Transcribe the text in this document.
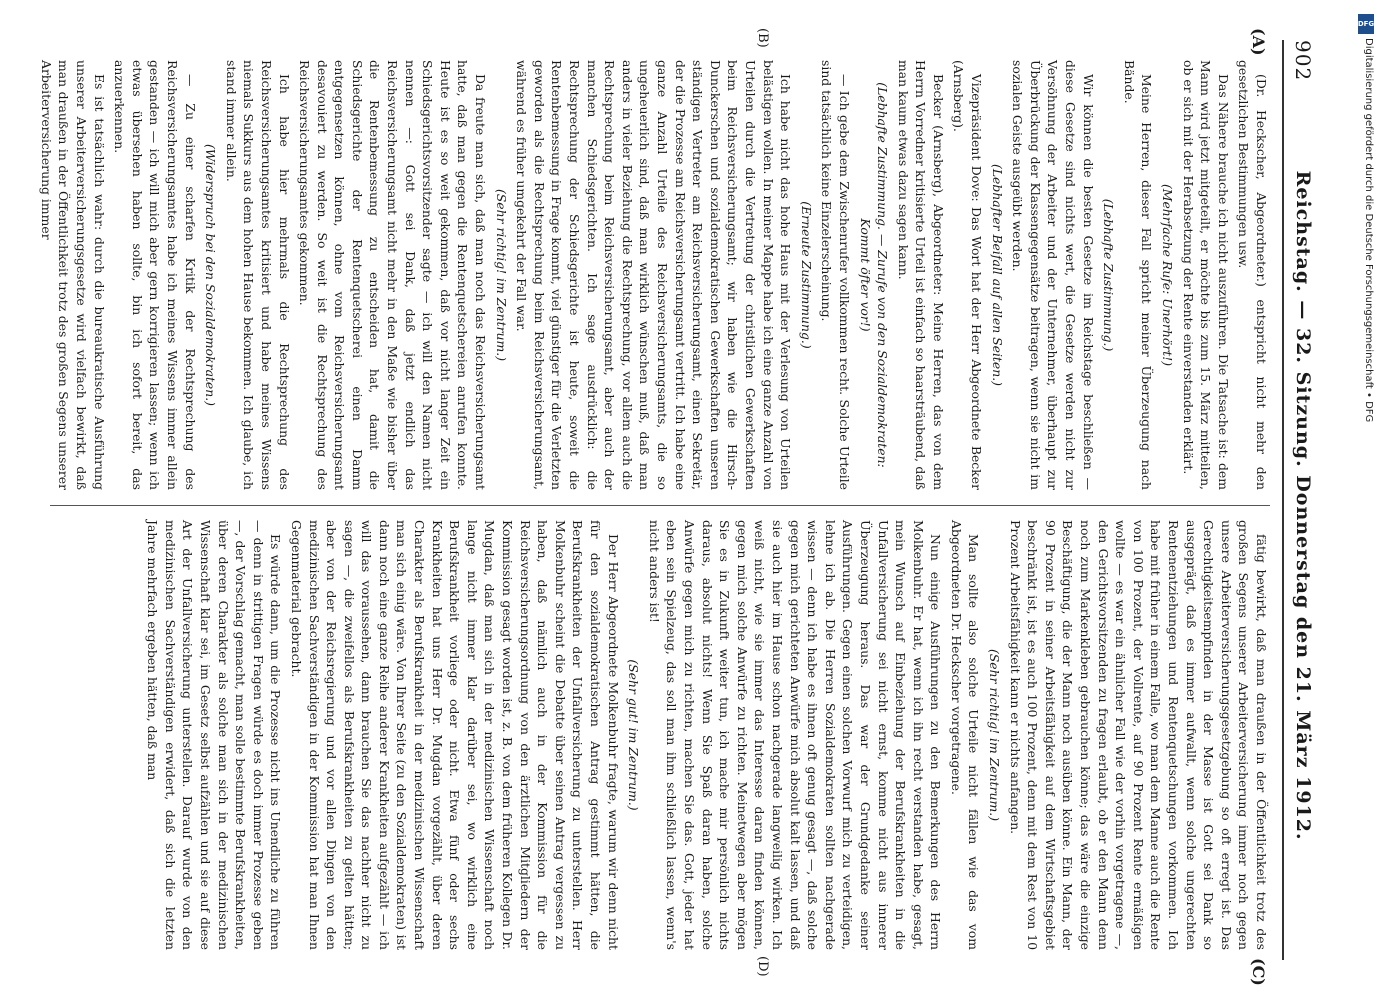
902
Reichstag. — 32. Sitzung. Donnerstag den 21. März 1912.
(A)
(B)
(C)
(D)

(Dr. Heckscher, Abgeordneter.) entspricht nicht mehr den gesetzlichen Bestimmungen usw.

Das Nähere brauche ich nicht auszuführen. Die Tatsache ist: dem Mann wird jetzt mitgeteilt, er möchte bis zum 15. März mitteilen, ob er sich mit der Herabsetzung der Rente einverstanden erklärt.

(Mehrfache Rufe: Unerhört!)

Meine Herren, dieser Fall spricht meiner Überzeugung nach Bände.

(Lebhafte Zustimmung.)

Wir können die besten Gesetze im Reichstage beschließen — diese Gesetze sind nichts wert, die Gesetze werden nicht zur Versöhnung der Arbeiter und der Unternehmer, überhaupt zur Überbrückung der Klassengegensätze beitragen, wenn sie nicht im sozialen Geiste ausgeübt werden.

(Lebhafter Beifall auf allen Seiten.)

Vizepräsident Dove: Das Wort hat der Herr Abgeordnete Becker (Arnsberg).

Becker (Arnsberg), Abgeordneter: Meine Herren, das von dem Herrn Vorredner kritisierte Urteil ist einfach so haarsträubend, daß man kaum etwas dazu sagen kann.

(Lebhafte Zustimmung. — Zurufe von den Sozialdemokraten: Kommt öfter vor!)

— Ich gebe dem Zwischenrufer vollkommen recht. Solche Urteile sind tatsächlich keine Einzelerscheinung.

(Erneute Zustimmung.)

Ich habe nicht das hohe Haus mit der Verlesung von Urteilen belästigen wollen. In meiner Mappe habe ich eine ganze Anzahl von Urteilen durch die Vertretung der christlichen Gewerkschaften beim Reichsversicherungsamt; wir haben wie die Hirsch-Dunckerschen und sozialdemokratischen Gewerkschaften unseren ständigen Vertreter am Reichsversicherungsamt, einen Sekretär, der die Prozesse am Reichsversicherungsamt vertritt. Ich habe eine ganze Anzahl Urteile des Reichsversicherungsamts, die so ungeheuerlich sind, daß man wirklich wünschen muß, daß man anders in vieler Beziehung die Rechtsprechung, vor allem auch die Rechtsprechung beim Reichsversicherungsamt, aber auch der manchen Schiedsgerichten. Ich sage ausdrücklich: die Rechtsprechung der Schiedsgerichte ist heute, soweit die Rentenbemessung in Frage kommt, viel günstiger für die Verletzten geworden als die Rechtsprechung beim Reichsversicherungsamt, während es früher umgekehrt der Fall war.

(Sehr richtig! im Zentrum.)

Da freute man sich, daß man noch das Reichsversicherungsamt hatte, daß man gegen die Rentenquetschereien anrufen konnte. Heute ist es so weit gekommen, daß vor nicht langer Zeit ein Schiedsgerichtsvorsitzender sagte — ich will den Namen nicht nennen —: Gott sei Dank, daß jetzt endlich das Reichsversicherungsamt nicht mehr in den Maße wie bisher über die Rentenbemessung zu entscheiden hat, damit die Schiedsgerichte der Rentenquetscherei einen Damm entgegensetzen können, ohne vom Reichsversicherungsamt desavouiert zu werden. So weit ist die Rechtsprechung des Reichsversicherungsamtes gekommen.

Ich habe hier mehrmals die Rechtsprechung des Reichsversicherungsamtes kritisiert und habe meines Wissens niemals Sukkurs aus dem hohen Hause bekommen. Ich glaube, ich stand immer allein.

(Widerspruch bei den Sozialdemokraten.)

— Zu einer scharfen Kritik der Rechtsprechung des Reichsversicherungsamtes habe ich meines Wissens immer allein gestanden — ich will mich aber gern korrigieren lassen; wenn ich etwas übersehen haben sollte, bin ich sofort bereit, das anzuerkennen.

Es ist tatsächlich wahr: durch die bureaukratische Ausführung unserer Arbeiterversicherungsgesetze wird vielfach bewirkt, daß man draußen in der Öffentlichkeit trotz des großen Segens unserer Arbeiterversicherung immer

fätig bewirkt, daß man draußen in der Öffentlichkeit trotz des großen Segens unserer Arbeiterversicherung immer noch gegen unsere Arbeiterversicherungsgesetzgebung so oft erregt ist. Das Gerechtigkeitsempfinden in der Masse ist Gott sei Dank so ausgeprägt, daß es immer aufwallt, wenn solche ungerechten Rentenentziehungen und Rentenquetschungen vorkommen. Ich habe mit früher in einem Falle, wo man dem Manne auch die Rente von 100 Prozent, der Vollrente, auf 90 Prozent Rente ermäßigen wollte — es war ein ähnlicher Fall wie der vorhin vorgetragene —, den Gerichtsvorsitzenden zu fragen erlaubt, ob er den Mann denn noch zum Markenkleben gebrauchen könne; das wäre die einzige Beschäftigung, die der Mann noch ausüben könne. Ein Mann, der 90 Prozent in seiner Arbeitsfähigkeit auf dem Wirtschaftsgebiet beschränkt ist, ist es auch 100 Prozent, denn mit dem Rest von 10 Prozent Arbeitsfähigkeit kann er nichts anfangen.

(Sehr richtig! im Zentrum.)

Man sollte also solche Urteile nicht fällen wie das vom Abgeordneten Dr. Heckscher vorgetragene.

Nun einige Ausführungen zu den Bemerkungen des Herrn Molkenbuhr. Er hat, wenn ich ihn recht verstanden habe, gesagt, mein Wunsch auf Einbeziehung der Berufskrankheiten in die Unfallversicherung sei nicht ernst, komme nicht aus innerer Überzeugung heraus. Das war der Grundgedanke seiner Ausführungen. Gegen einen solchen Vorwurf mich zu verteidigen, lehne ich ab. Die Herren Sozialdemokraten sollten nachgerade wissen — denn ich habe es ihnen oft genug gesagt —, daß solche gegen mich gerichteten Anwürfe mich absolut kalt lassen, und daß sie auch hier im Hause schon nachgerade langweilig wirken. Ich weiß nicht, wie sie immer das Interesse daran finden können, gegen mich solche Anwürfe zu richten. Meinetwegen aber mögen Sie es in Zukunft weiter tun, ich mache mir persönlich nichts daraus, absolut nichts! Wenn Sie Spaß daran haben, solche Anwürfe gegen mich zu richten, machen Sie das. Gott, jeder hat eben sein Spielzeug, das soll man ihm schließlich lassen, wenn's nicht anders ist!

(Sehr gut! im Zentrum.)

Der Herr Abgeordnete Molkenbuhr fragte, warum wir denn nicht für den sozialdemokratischen Antrag gestimmt hätten, die Berufskrankheiten der Unfallversicherung zu unterstellen. Herr Molkenbuhr scheint die Debatte über seinen Antrag vergessen zu haben, daß nämlich auch in der Kommission für die Reichsversicherungsordnung von den ärztlichen Mitgliedern der Kommission gesagt worden ist, z. B. von dem früheren Kollegen Dr. Mugdan, daß man sich in der medizinischen Wissenschaft noch lange nicht immer klar darüber sei, wo wirklich eine Berufskrankheit vorliege oder nicht. Etwa fünf oder sechs Krankheiten hat uns Herr Dr. Mugdan vorgezählt, über deren Charakter als Berufskrankheit in der medizinischen Wissenschaft man sich einig wäre. Von Ihrer Seite (zu den Sozialdemokraten) ist dann noch eine ganze Reihe anderer Krankheiten aufgezählt — ich will das voraussehen, dann brauchen Sie das nachher nicht zu sagen —, die zweifellos als Berufskrankheiten zu gelten hätten; aber von der Reichsregierung und vor allen Dingen von den medizinischen Sachverständigen in der Kommission hat man Ihnen Gegenmaterial gebracht.

Es würde dann, um die Prozesse nicht ins Unendliche zu führen — denn in strittigen Fragen würde es doch immer Prozesse geben —, der Vorschlag gemacht, man solle bestimmte Berufskrankheiten, über deren Charakter als solche man sich in der medizinischen Wissenschaft klar sei, im Gesetz selbst aufzählen und sie auf diese Art der Unfallversicherung unterstellen. Darauf wurde von den medizinischen Sachverständigen erwidert, daß sich die letzten Jahre mehrfach ergeben hätten, daß man

DFG
Digitalisierung gefördert durch die Deutsche Forschungsgemeinschaft • DFG
